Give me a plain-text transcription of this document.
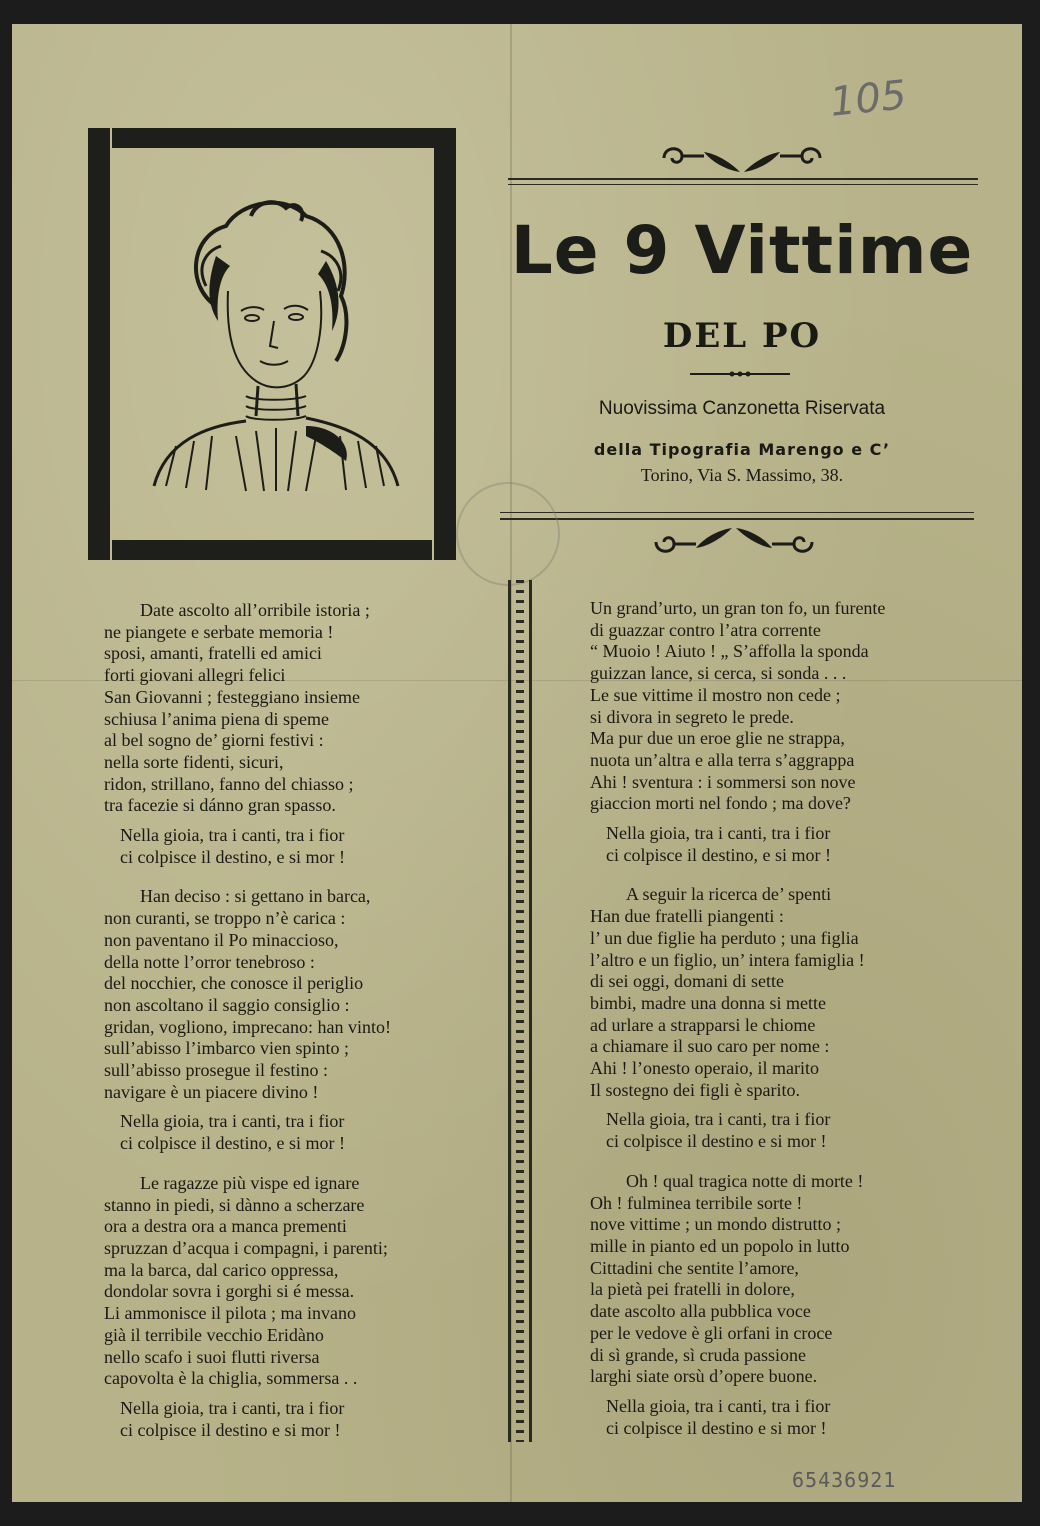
105
Le 9 Vittime
DEL PO
Nuovissima Canzonetta Riservata
della Tipografia Marengo e C’
Torino, Via S. Massimo, 38.
Date ascolto all’orribile istoria ;
ne piangete e serbate memoria !
sposi, amanti, fratelli ed amici
forti giovani allegri felici
San Giovanni ; festeggiano insieme
schiusa l’anima piena di speme
al bel sogno de’ giorni festivi :
nella sorte fidenti, sicuri,
ridon, strillano, fanno del chiasso ;
tra facezie si dánno gran spasso.
Nella gioia, tra i canti, tra i fior
ci colpisce il destino, e si mor !
Han deciso : si gettano in barca,
non curanti, se troppo n’è carica :
non paventano il Po minaccioso,
della notte l’orror tenebroso :
del nocchier, che conosce il periglio
non ascoltano il saggio consiglio :
gridan, vogliono, imprecano: han vinto!
sull’abisso l’imbarco vien spinto ;
sull’abisso prosegue il festino :
navigare è un piacere divino !
Nella gioia, tra i canti, tra i fior
ci colpisce il destino, e si mor !
Le ragazze più vispe ed ignare
stanno in piedi, si dànno a scherzare
ora a destra ora a manca prementi
spruzzan d’acqua i compagni, i parenti;
ma la barca, dal carico oppressa,
dondolar sovra i gorghi si é messa.
Li ammonisce il pilota ; ma invano
già il terribile vecchio Eridàno
nello scafo i suoi flutti riversa
capovolta è la chiglia, sommersa . .
Nella gioia, tra i canti, tra i fior
ci colpisce il destino e si mor !
Un grand’urto, un gran ton fo, un furente
di guazzar contro l’atra corrente
“ Muoio ! Aiuto ! „ S’affolla la sponda
guizzan lance, si cerca, si sonda . . .
Le sue vittime il mostro non cede ;
si divora in segreto le prede.
Ma pur due un eroe glie ne strappa,
nuota un’altra e alla terra s’aggrappa
Ahi ! sventura : i sommersi son nove
giaccion morti nel fondo ; ma dove?
Nella gioia, tra i canti, tra i fior
ci colpisce il destino, e si mor !
A seguir la ricerca de’ spenti
Han due fratelli piangenti :
l’ un due figlie ha perduto ; una figlia
l’altro e un figlio, un’ intera famiglia !
di sei oggi, domani di sette
bimbi, madre una donna si mette
ad urlare a strapparsi le chiome
a chiamare il suo caro per nome :
Ahi ! l’onesto operaio, il marito
Il sostegno dei figli è sparito.
Nella gioia, tra i canti, tra i fior
ci colpisce il destino e si mor !
Oh ! qual tragica notte di morte !
Oh ! fulminea terribile sorte !
nove vittime ; un mondo distrutto ;
mille in pianto ed un popolo in lutto
Cittadini che sentite l’amore,
la pietà pei fratelli in dolore,
date ascolto alla pubblica voce
per le vedove è gli orfani in croce
di sì grande, sì cruda passione
larghi siate orsù d’opere buone.
Nella gioia, tra i canti, tra i fior
ci colpisce il destino e si mor !
65436921
